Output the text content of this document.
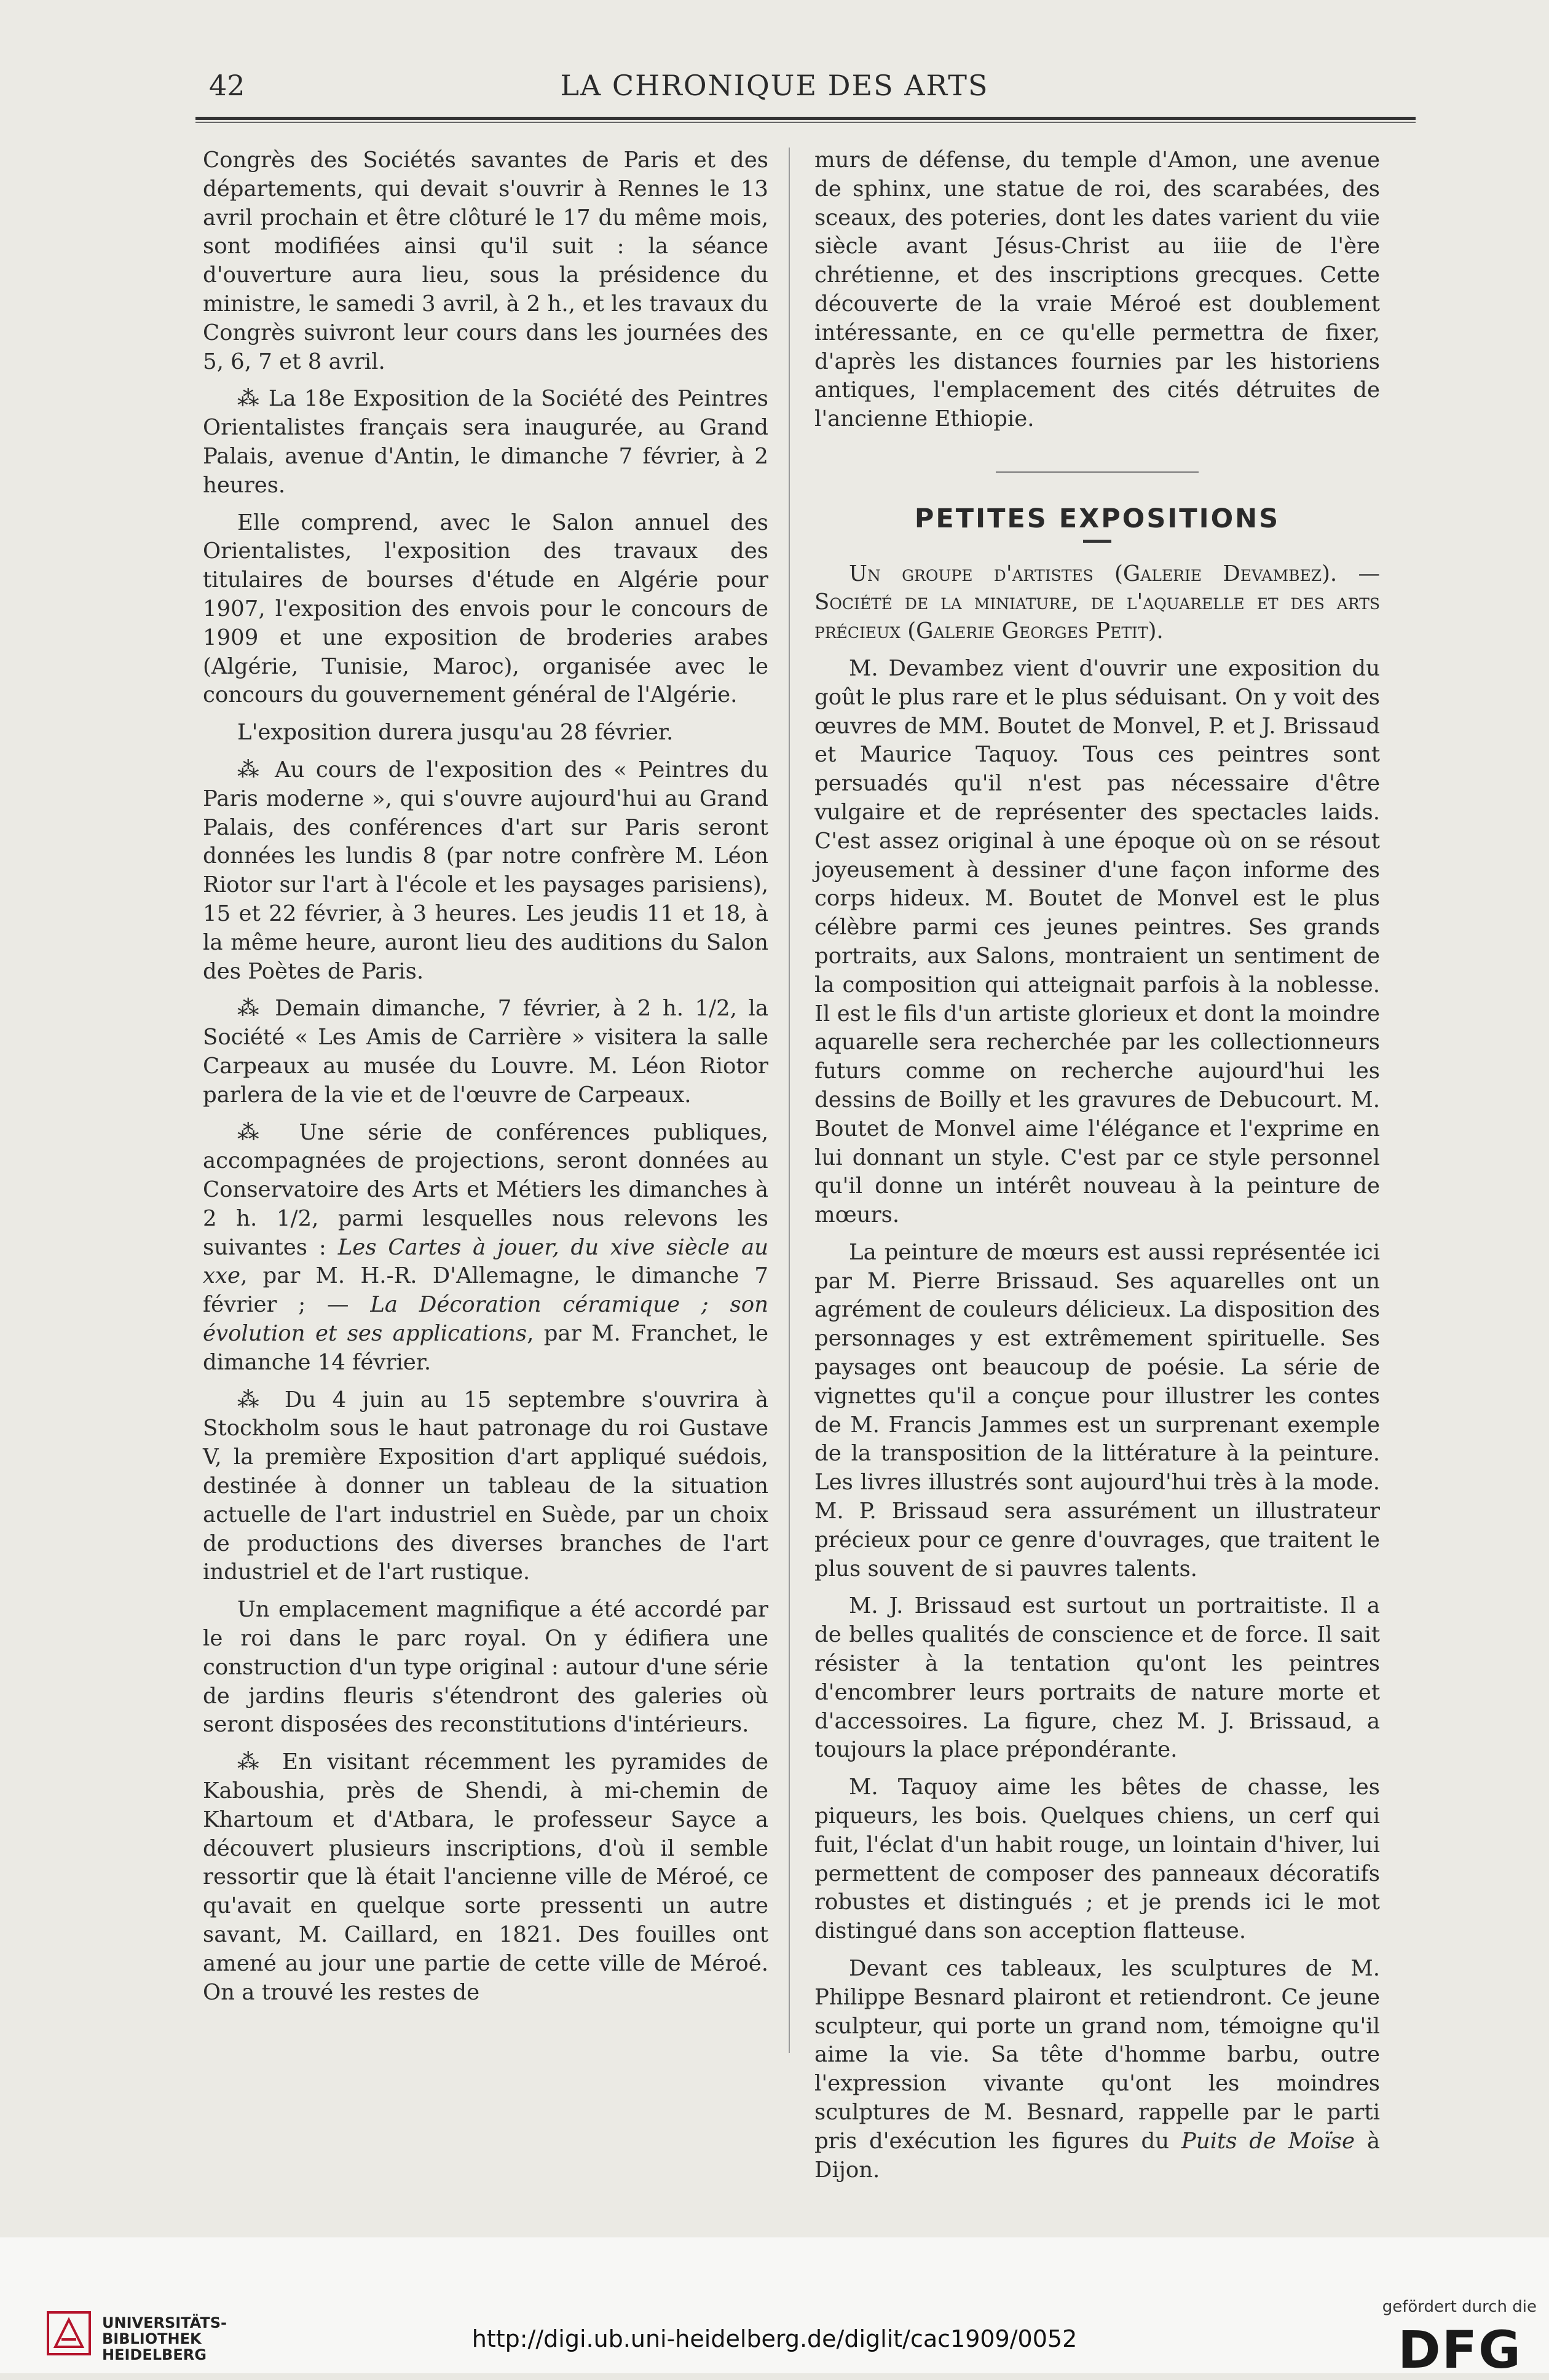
42	LA CHRONIQUE DES ARTS

Congrès des Sociétés savantes de Paris et des départements, qui devait s'ouvrir à Rennes le 13 avril prochain et être clôturé le 17 du même mois, sont modifiées ainsi qu'il suit : la séance d'ouverture aura lieu, sous la présidence du ministre, le samedi 3 avril, à 2 h., et les travaux du Congrès suivront leur cours dans les journées des 5, 6, 7 et 8 avril.

⁂ La 18e Exposition de la Société des Peintres Orientalistes français sera inaugurée, au Grand Palais, avenue d'Antin, le dimanche 7 février, à 2 heures.

Elle comprend, avec le Salon annuel des Orientalistes, l'exposition des travaux des titulaires de bourses d'étude en Algérie pour 1907, l'exposition des envois pour le concours de 1909 et une exposition de broderies arabes (Algérie, Tunisie, Maroc), organisée avec le concours du gouvernement général de l'Algérie.

L'exposition durera jusqu'au 28 février.

⁂ Au cours de l'exposition des « Peintres du Paris moderne », qui s'ouvre aujourd'hui au Grand Palais, des conférences d'art sur Paris seront données les lundis 8 (par notre confrère M. Léon Riotor sur l'art à l'école et les paysages parisiens), 15 et 22 février, à 3 heures. Les jeudis 11 et 18, à la même heure, auront lieu des auditions du Salon des Poètes de Paris.

⁂ Demain dimanche, 7 février, à 2 h. 1/2, la Société « Les Amis de Carrière » visitera la salle Carpeaux au musée du Louvre. M. Léon Riotor parlera de la vie et de l'œuvre de Carpeaux.

⁂ Une série de conférences publiques, accompagnées de projections, seront données au Conservatoire des Arts et Métiers les dimanches à 2 h. 1/2, parmi lesquelles nous relevons les suivantes : Les Cartes à jouer, du xive siècle au xxe, par M. H.-R. D'Allemagne, le dimanche 7 février ; — La Décoration céramique ; son évolution et ses applications, par M. Franchet, le dimanche 14 février.

⁂ Du 4 juin au 15 septembre s'ouvrira à Stockholm sous le haut patronage du roi Gustave V, la première Exposition d'art appliqué suédois, destinée à donner un tableau de la situation actuelle de l'art industriel en Suède, par un choix de productions des diverses branches de l'art industriel et de l'art rustique.

Un emplacement magnifique a été accordé par le roi dans le parc royal. On y édifiera une construction d'un type original : autour d'une série de jardins fleuris s'étendront des galeries où seront disposées des reconstitutions d'intérieurs.

⁂ En visitant récemment les pyramides de Kaboushia, près de Shendi, à mi-chemin de Khartoum et d'Atbara, le professeur Sayce a découvert plusieurs inscriptions, d'où il semble ressortir que là était l'ancienne ville de Méroé, ce qu'avait en quelque sorte pressenti un autre savant, M. Caillard, en 1821. Des fouilles ont amené au jour une partie de cette ville de Méroé. On a trouvé les restes de

murs de défense, du temple d'Amon, une avenue de sphinx, une statue de roi, des scarabées, des sceaux, des poteries, dont les dates varient du viie siècle avant Jésus-Christ au iiie de l'ère chrétienne, et des inscriptions grecques. Cette découverte de la vraie Méroé est doublement intéressante, en ce qu'elle permettra de fixer, d'après les distances fournies par les historiens antiques, l'emplacement des cités détruites de l'ancienne Ethiopie.

PETITES EXPOSITIONS

Un groupe d'artistes (Galerie Devambez). — Société de la miniature, de l'aquarelle et des arts précieux (Galerie Georges Petit).

M. Devambez vient d'ouvrir une exposition du goût le plus rare et le plus séduisant. On y voit des œuvres de MM. Boutet de Monvel, P. et J. Brissaud et Maurice Taquoy. Tous ces peintres sont persuadés qu'il n'est pas nécessaire d'être vulgaire et de représenter des spectacles laids. C'est assez original à une époque où on se résout joyeusement à dessiner d'une façon informe des corps hideux. M. Boutet de Monvel est le plus célèbre parmi ces jeunes peintres. Ses grands portraits, aux Salons, montraient un sentiment de la composition qui atteignait parfois à la noblesse. Il est le fils d'un artiste glorieux et dont la moindre aquarelle sera recherchée par les collectionneurs futurs comme on recherche aujourd'hui les dessins de Boilly et les gravures de Debucourt. M. Boutet de Monvel aime l'élégance et l'exprime en lui donnant un style. C'est par ce style personnel qu'il donne un intérêt nouveau à la peinture de mœurs.

La peinture de mœurs est aussi représentée ici par M. Pierre Brissaud. Ses aquarelles ont un agrément de couleurs délicieux. La disposition des personnages y est extrêmement spirituelle. Ses paysages ont beaucoup de poésie. La série de vignettes qu'il a conçue pour illustrer les contes de M. Francis Jammes est un surprenant exemple de la transposition de la littérature à la peinture. Les livres illustrés sont aujourd'hui très à la mode. M. P. Brissaud sera assurément un illustrateur précieux pour ce genre d'ouvrages, que traitent le plus souvent de si pauvres talents.

M. J. Brissaud est surtout un portraitiste. Il a de belles qualités de conscience et de force. Il sait résister à la tentation qu'ont les peintres d'encombrer leurs portraits de nature morte et d'accessoires. La figure, chez M. J. Brissaud, a toujours la place prépondérante.

M. Taquoy aime les bêtes de chasse, les piqueurs, les bois. Quelques chiens, un cerf qui fuit, l'éclat d'un habit rouge, un lointain d'hiver, lui permettent de composer des panneaux décoratifs robustes et distingués ; et je prends ici le mot distingué dans son acception flatteuse.

Devant ces tableaux, les sculptures de M. Philippe Besnard plairont et retiendront. Ce jeune sculpteur, qui porte un grand nom, témoigne qu'il aime la vie. Sa tête d'homme barbu, outre l'expression vivante qu'ont les moindres sculptures de M. Besnard, rappelle par le parti pris d'exécution les figures du Puits de Moïse à Dijon.

UNIVERSITÄTS-
BIBLIOTHEK
HEIDELBERG
http://digi.ub.uni-heidelberg.de/diglit/cac1909/0052
gefördert durch die
DFG
